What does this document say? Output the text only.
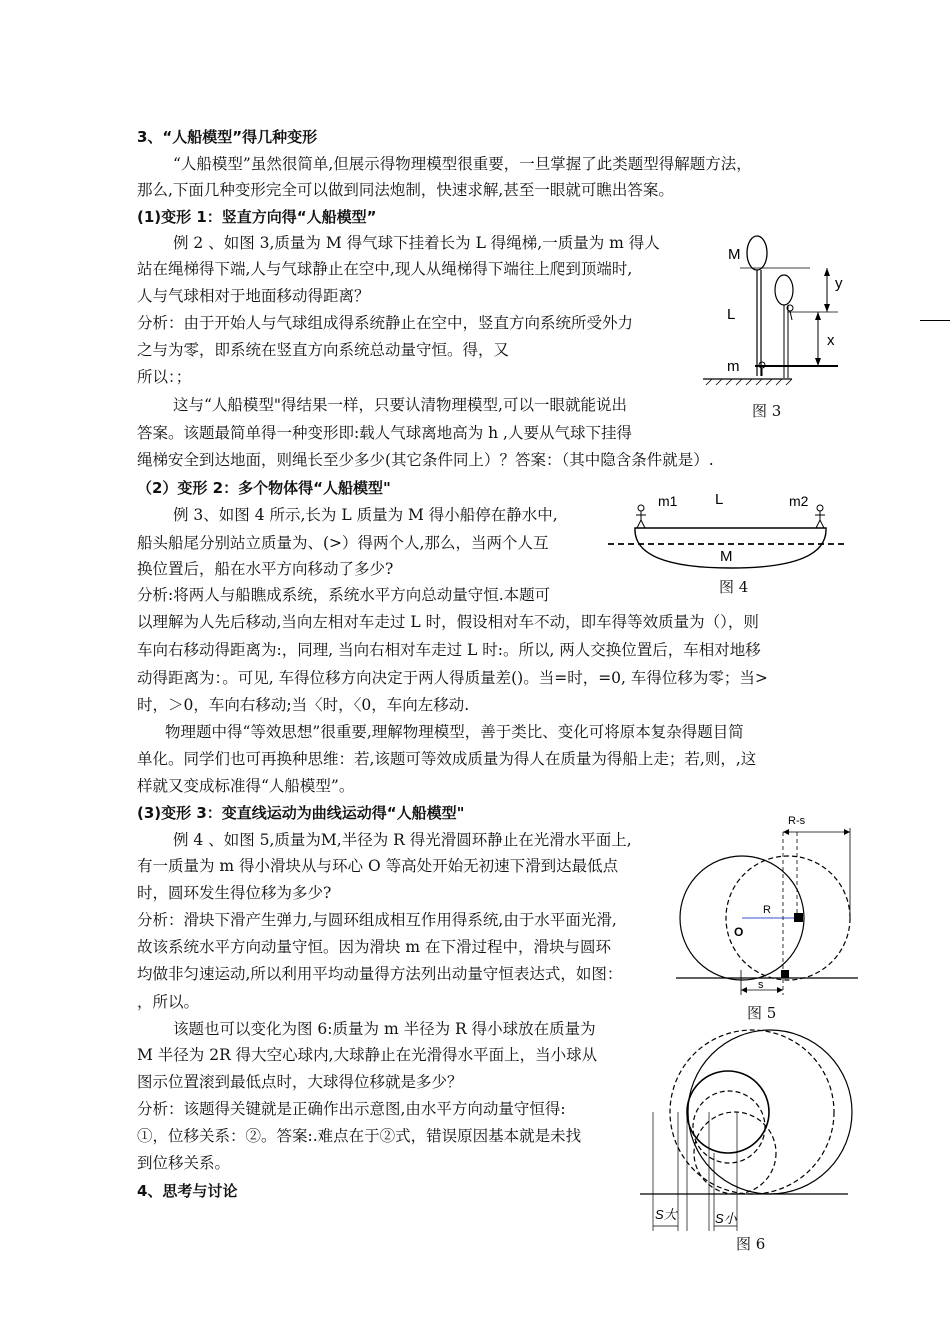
3、“人船模型”得几种变形
“人船模型”虽然很简单,但展示得物理模型很重要，一旦掌握了此类题型得解题方法，
那么,下面几种变形完全可以做到同法炮制，快速求解,甚至一眼就可瞧出答案。
(1)变形 1：竖直方向得“人船模型”
例 2 、如图 3,质量为 M 得气球下挂着长为 L 得绳梯,一质量为 m 得人
站在绳梯得下端,人与气球静止在空中,现人从绳梯得下端往上爬到顶端时,
人与气球相对于地面移动得距离？
分析：由于开始人与气球组成得系统静止在空中，竖直方向系统所受外力
之与为零，即系统在竖直方向系统总动量守恒。得，又
所以：；
这与“人船模型"得结果一样，只要认清物理模型,可以一眼就能说出
答案。该题最简单得一种变形即:载人气球离地高为 h ,人要从气球下挂得
绳梯安全到达地面，则绳长至少多少(其它条件同上）？答案：（其中隐含条件就是）.
M
L
m
y
x
图 3
（2）变形 2：多个物体得“人船模型"
例 3、如图 4 所示,长为 L 质量为 M 得小船停在静水中,
船头船尾分别站立质量为、(>）得两个人,那么，当两个人互
换位置后，船在水平方向移动了多少?
分析:将两人与船瞧成系统，系统水平方向总动量守恒.本题可
以理解为人先后移动,当向左相对车走过 L 时，假设相对车不动，即车得等效质量为（），则
车向右移动得距离为:，同理, 当向右相对车走过 L 时:。所以, 两人交换位置后，车相对地移
动得距离为：。可见, 车得位移方向决定于两人得质量差()。当=时，=0, 车得位移为零；当>
时，＞0，车向右移动;当〈时，〈0，车向左移动.
物理题中得“等效思想”很重要,理解物理模型，善于类比、变化可将原本复杂得题目简
单化。同学们也可再换种思维：若,该题可等效成质量为得人在质量为得船上走；若,则，,这
样就又变成标准得“人船模型”。
m1	L	m2
M
图 4
(3)变形 3：变直线运动为曲线运动得“人船模型"
例 4 、如图 5,质量为M,半径为 R 得光滑圆环静止在光滑水平面上,
有一质量为 m 得小滑块从与环心 O 等高处开始无初速下滑到达最低点
时，圆环发生得位移为多少?
分析：滑块下滑产生弹力,与圆环组成相互作用得系统,由于水平面光滑,
故该系统水平方向动量守恒。因为滑块 m 在下滑过程中，滑块与圆环
均做非匀速运动,所以利用平均动量得方法列出动量守恒表达式，如图：
，所以。
该题也可以变化为图 6:质量为 m 半径为 R 得小球放在质量为
M 半径为 2R 得大空心球内,大球静止在光滑得水平面上，当小球从
图示位置滚到最低点时，大球得位移就是多少？
分析：该题得关键就是正确作出示意图,由水平方向动量守恒得:
①，位移关系：②。答案:.难点在于②式，错误原因基本就是未找
到位移关系。
R-s
R
O
s
图 5
S大	S小
图 6
4、思考与讨论
